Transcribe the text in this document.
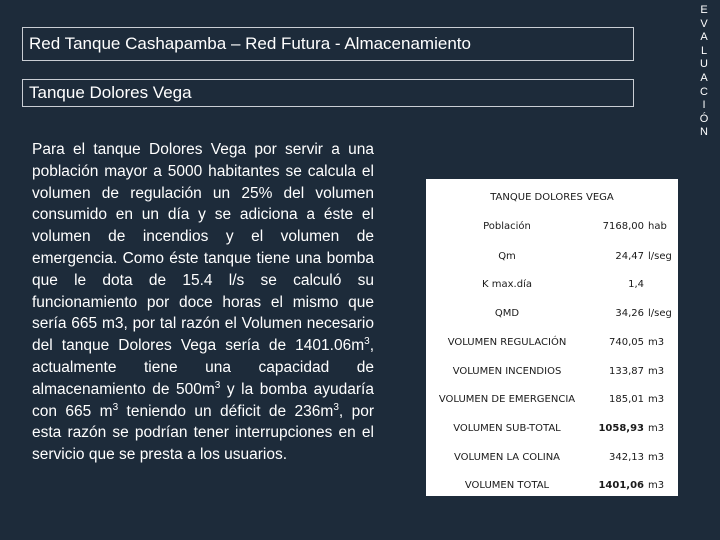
Red Tanque Cashapamba – Red Futura - Almacenamiento
Tanque Dolores Vega
E
V
A
L
U
A
C
I
Ó
N
Para el tanque Dolores Vega por servir a una población mayor a 5000 habitantes se calcula el volumen de regulación un 25% del volumen consumido en un día y se adiciona a éste el volumen de incendios y el volumen de emergencia. Como éste tanque tiene una bomba que le dota de 15.4 l/s se calculó su funcionamiento por doce horas el mismo que sería 665 m3, por tal razón el Volumen necesario del tanque Dolores Vega sería de $1401.06m^3$, actualmente tiene una capacidad de almacenamiento de $500m^3$ y la bomba ayudaría con 665 $m^3$ teniendo un déficit de $236m^3$, por esta razón se podrían tener interrupciones en el servicio que se presta a los usuarios.
TANQUE DOLORES VEGA
Población	7168,00 hab
Qm	24,47 l/seg
K max.día	1,4
QMD	34,26 l/seg
VOLUMEN REGULACIÓN	740,05 m3
VOLUMEN INCENDIOS	133,87 m3
VOLUMEN DE EMERGENCIA	185,01 m3
VOLUMEN SUB-TOTAL	1058,93 m3
VOLUMEN LA COLINA	342,13 m3
VOLUMEN TOTAL	1401,06 m3
